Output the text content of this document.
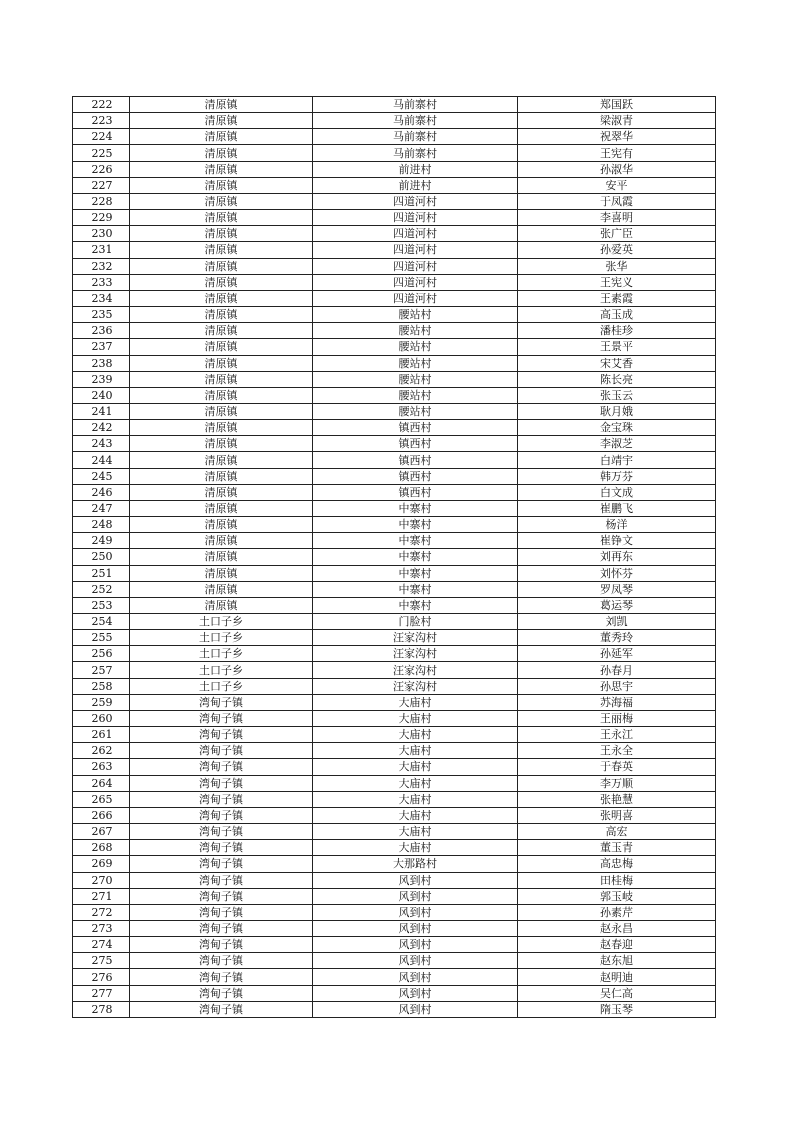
222	清原镇	马前寨村	郑国跃
223	清原镇	马前寨村	梁淑青
224	清原镇	马前寨村	祝翠华
225	清原镇	马前寨村	王宪有
226	清原镇	前进村	孙淑华
227	清原镇	前进村	安平
228	清原镇	四道河村	于凤霞
229	清原镇	四道河村	李喜明
230	清原镇	四道河村	张广臣
231	清原镇	四道河村	孙爱英
232	清原镇	四道河村	张华
233	清原镇	四道河村	王宪义
234	清原镇	四道河村	王素霞
235	清原镇	腰站村	高玉成
236	清原镇	腰站村	潘桂珍
237	清原镇	腰站村	王景平
238	清原镇	腰站村	宋艾香
239	清原镇	腰站村	陈长亮
240	清原镇	腰站村	张玉云
241	清原镇	腰站村	耿月娥
242	清原镇	镇西村	金宝珠
243	清原镇	镇西村	李淑芝
244	清原镇	镇西村	白靖宇
245	清原镇	镇西村	韩万芬
246	清原镇	镇西村	白文成
247	清原镇	中寨村	崔鹏飞
248	清原镇	中寨村	杨洋
249	清原镇	中寨村	崔铮文
250	清原镇	中寨村	刘再东
251	清原镇	中寨村	刘怀芬
252	清原镇	中寨村	罗凤琴
253	清原镇	中寨村	葛运琴
254	土口子乡	门脸村	刘凯
255	土口子乡	汪家沟村	董秀玲
256	土口子乡	汪家沟村	孙延军
257	土口子乡	汪家沟村	孙春月
258	土口子乡	汪家沟村	孙思宇
259	湾甸子镇	大庙村	苏海福
260	湾甸子镇	大庙村	王丽梅
261	湾甸子镇	大庙村	王永江
262	湾甸子镇	大庙村	王永全
263	湾甸子镇	大庙村	于春英
264	湾甸子镇	大庙村	李万顺
265	湾甸子镇	大庙村	张艳慧
266	湾甸子镇	大庙村	张明喜
267	湾甸子镇	大庙村	高宏
268	湾甸子镇	大庙村	董玉青
269	湾甸子镇	大那路村	高忠梅
270	湾甸子镇	风到村	田桂梅
271	湾甸子镇	风到村	郭玉岐
272	湾甸子镇	风到村	孙素芹
273	湾甸子镇	风到村	赵永昌
274	湾甸子镇	风到村	赵春迎
275	湾甸子镇	风到村	赵东旭
276	湾甸子镇	风到村	赵明迪
277	湾甸子镇	风到村	吴仁高
278	湾甸子镇	风到村	隋玉琴
